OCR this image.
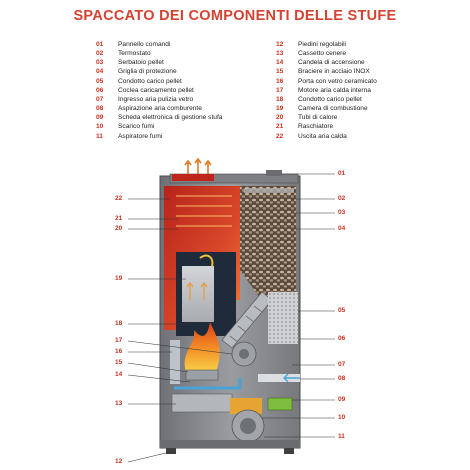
SPACCATO DEI COMPONENTI DELLE STUFE
01	Pannello comandi
02	Termostato
03	Serbatoio pellet
04	Griglia di protezione
05	Condotto carico pellet
06	Coclea caricamento pellet
07	Ingresso aria pulizia vetro
08	Aspirazione aria comburente
09	Scheda elettronica di gestione stufa
10	Scarico fumi
11	Aspiratore fumi
12	Piedini regolabili
13	Cassetto cenere
14	Candela di accensione
15	Braciere in acciaio INOX
16	Porta con vetro ceramicato
17	Motore aria calda interna
18	Condotto carico pellet
19	Camera di combustione
20	Tubi di calore
21	Raschiatore
22	Uscita aria calda
22
21
20
19
18
17
16
15
14
13
12
01
02
03
04
05
06
07
08
09
10
11
